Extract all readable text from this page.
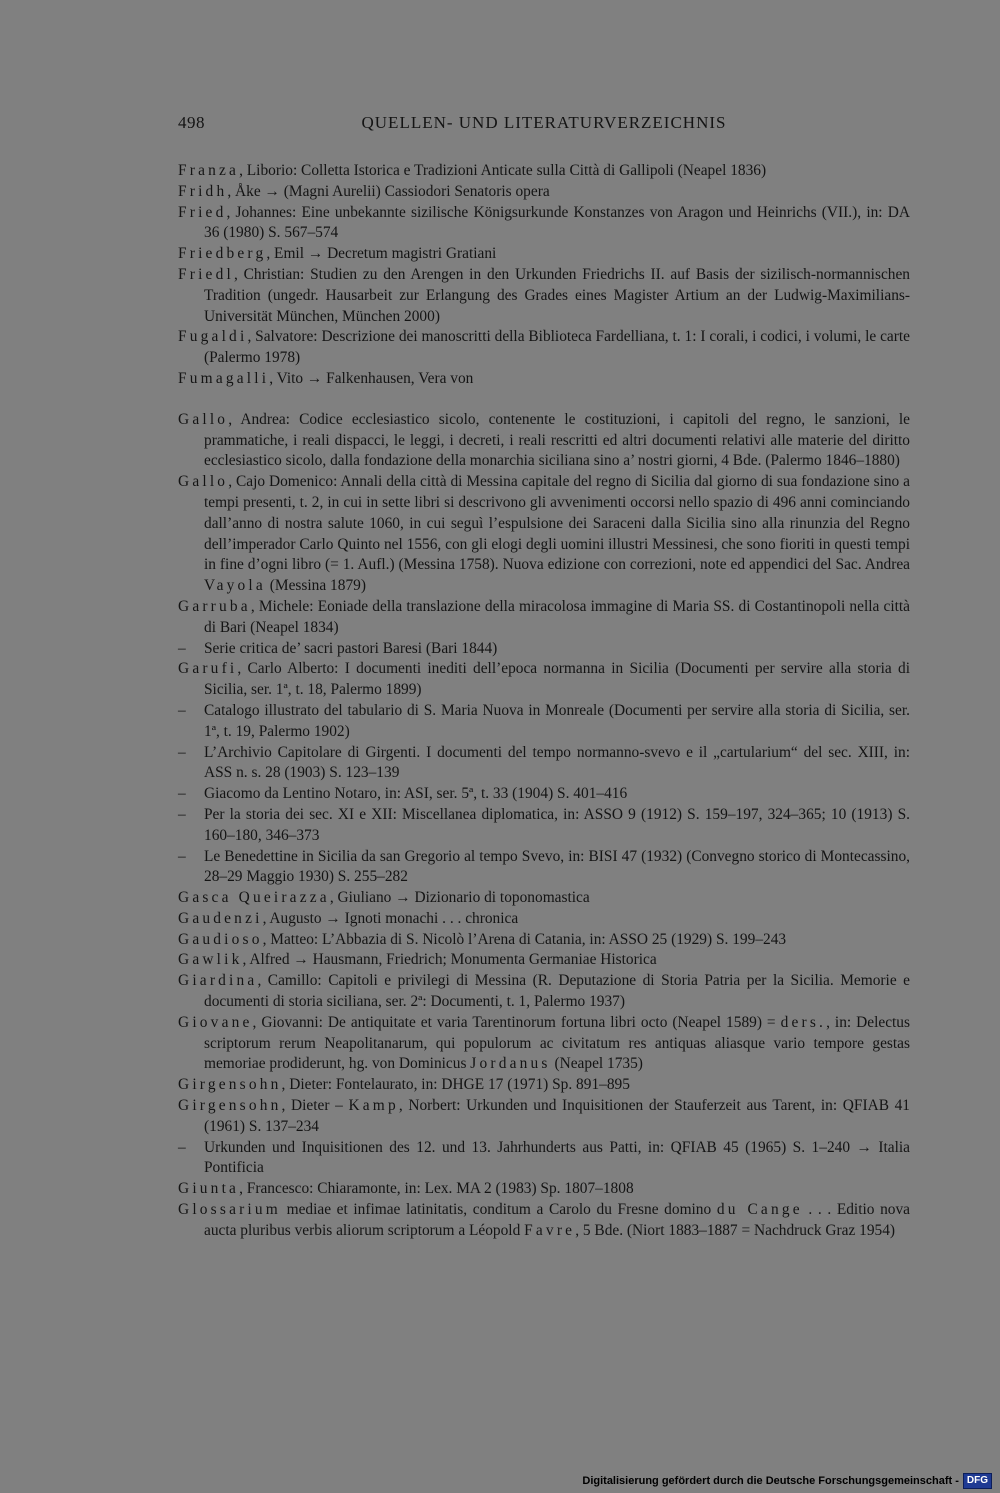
498	QUELLEN- UND LITERATURVERZEICHNIS
Franza, Liborio: Colletta Istorica e Tradizioni Anticate sulla Città di Gallipoli (Neapel 1836)
Fridh, Åke → (Magni Aurelii) Cassiodori Senatoris opera
Fried, Johannes: Eine unbekannte sizilische Königsurkunde Konstanzes von Aragon und Heinrichs (VII.), in: DA 36 (1980) S. 567–574
Friedberg, Emil → Decretum magistri Gratiani
Friedl, Christian: Studien zu den Arengen in den Urkunden Friedrichs II. auf Basis der sizilisch-normannischen Tradition (ungedr. Hausarbeit zur Erlangung des Grades eines Magister Artium an der Ludwig-Maximilians-Universität München, München 2000)
Fugaldi, Salvatore: Descrizione dei manoscritti della Biblioteca Fardelliana, t. 1: I corali, i codici, i volumi, le carte (Palermo 1978)
Fumagalli, Vito → Falkenhausen, Vera von
Gallo, Andrea: Codice ecclesiastico sicolo, contenente le costituzioni, i capitoli del regno, le sanzioni, le prammatiche, i reali dispacci, le leggi, i decreti, i reali rescritti ed altri documenti relativi alle materie del diritto ecclesiastico sicolo, dalla fondazione della monarchia siciliana sino a’ nostri giorni, 4 Bde. (Palermo 1846–1880)
Gallo, Cajo Domenico: Annali della città di Messina capitale del regno di Sicilia dal giorno di sua fondazione sino a tempi presenti, t. 2, in cui in sette libri si descrivono gli avvenimenti occorsi nello spazio di 496 anni cominciando dall’anno di nostra salute 1060, in cui seguì l’espulsione dei Saraceni dalla Sicilia sino alla rinunzia del Regno dell’imperador Carlo Quinto nel 1556, con gli elogi degli uomini illustri Messinesi, che sono fioriti in questi tempi in fine d’ogni libro (= 1. Aufl.) (Messina 1758). Nuova edizione con correzioni, note ed appendici del Sac. Andrea Vayola (Messina 1879)
Garruba, Michele: Eoniade della translazione della miracolosa immagine di Maria SS. di Costantinopoli nella città di Bari (Neapel 1834)
– Serie critica de’ sacri pastori Baresi (Bari 1844)
Garufi, Carlo Alberto: I documenti inediti dell’epoca normanna in Sicilia (Documenti per servire alla storia di Sicilia, ser. 1ª, t. 18, Palermo 1899)
– Catalogo illustrato del tabulario di S. Maria Nuova in Monreale (Documenti per servire alla storia di Sicilia, ser. 1ª, t. 19, Palermo 1902)
– L’Archivio Capitolare di Girgenti. I documenti del tempo normanno-svevo e il „cartularium“ del sec. XIII, in: ASS n. s. 28 (1903) S. 123–139
– Giacomo da Lentino Notaro, in: ASI, ser. 5ª, t. 33 (1904) S. 401–416
– Per la storia dei sec. XI e XII: Miscellanea diplomatica, in: ASSO 9 (1912) S. 159–197, 324–365; 10 (1913) S. 160–180, 346–373
– Le Benedettine in Sicilia da san Gregorio al tempo Svevo, in: BISI 47 (1932) (Convegno storico di Montecassino, 28–29 Maggio 1930) S. 255–282
Gasca Queirazza, Giuliano → Dizionario di toponomastica
Gaudenzi, Augusto → Ignoti monachi . . . chronica
Gaudioso, Matteo: L’Abbazia di S. Nicolò l’Arena di Catania, in: ASSO 25 (1929) S. 199–243
Gawlik, Alfred → Hausmann, Friedrich; Monumenta Germaniae Historica
Giardina, Camillo: Capitoli e privilegi di Messina (R. Deputazione di Storia Patria per la Sicilia. Memorie e documenti di storia siciliana, ser. 2ª: Documenti, t. 1, Palermo 1937)
Giovane, Giovanni: De antiquitate et varia Tarentinorum fortuna libri octo (Neapel 1589) = ders., in: Delectus scriptorum rerum Neapolitanarum, qui populorum ac civitatum res antiquas aliasque vario tempore gestas memoriae prodiderunt, hg. von Dominicus Jordanus (Neapel 1735)
Girgensohn, Dieter: Fontelaurato, in: DHGE 17 (1971) Sp. 891–895
Girgensohn, Dieter – Kamp, Norbert: Urkunden und Inquisitionen der Stauferzeit aus Tarent, in: QFIAB 41 (1961) S. 137–234
– Urkunden und Inquisitionen des 12. und 13. Jahrhunderts aus Patti, in: QFIAB 45 (1965) S. 1–240 → Italia Pontificia
Giunta, Francesco: Chiaramonte, in: Lex. MA 2 (1983) Sp. 1807–1808
Glossarium mediae et infimae latinitatis, conditum a Carolo du Fresne domino du Cange . . . Editio nova aucta pluribus verbis aliorum scriptorum a Léopold Favre, 5 Bde. (Niort 1883–1887 = Nachdruck Graz 1954)
Digitalisierung gefördert durch die Deutsche Forschungsgemeinschaft - DFG
